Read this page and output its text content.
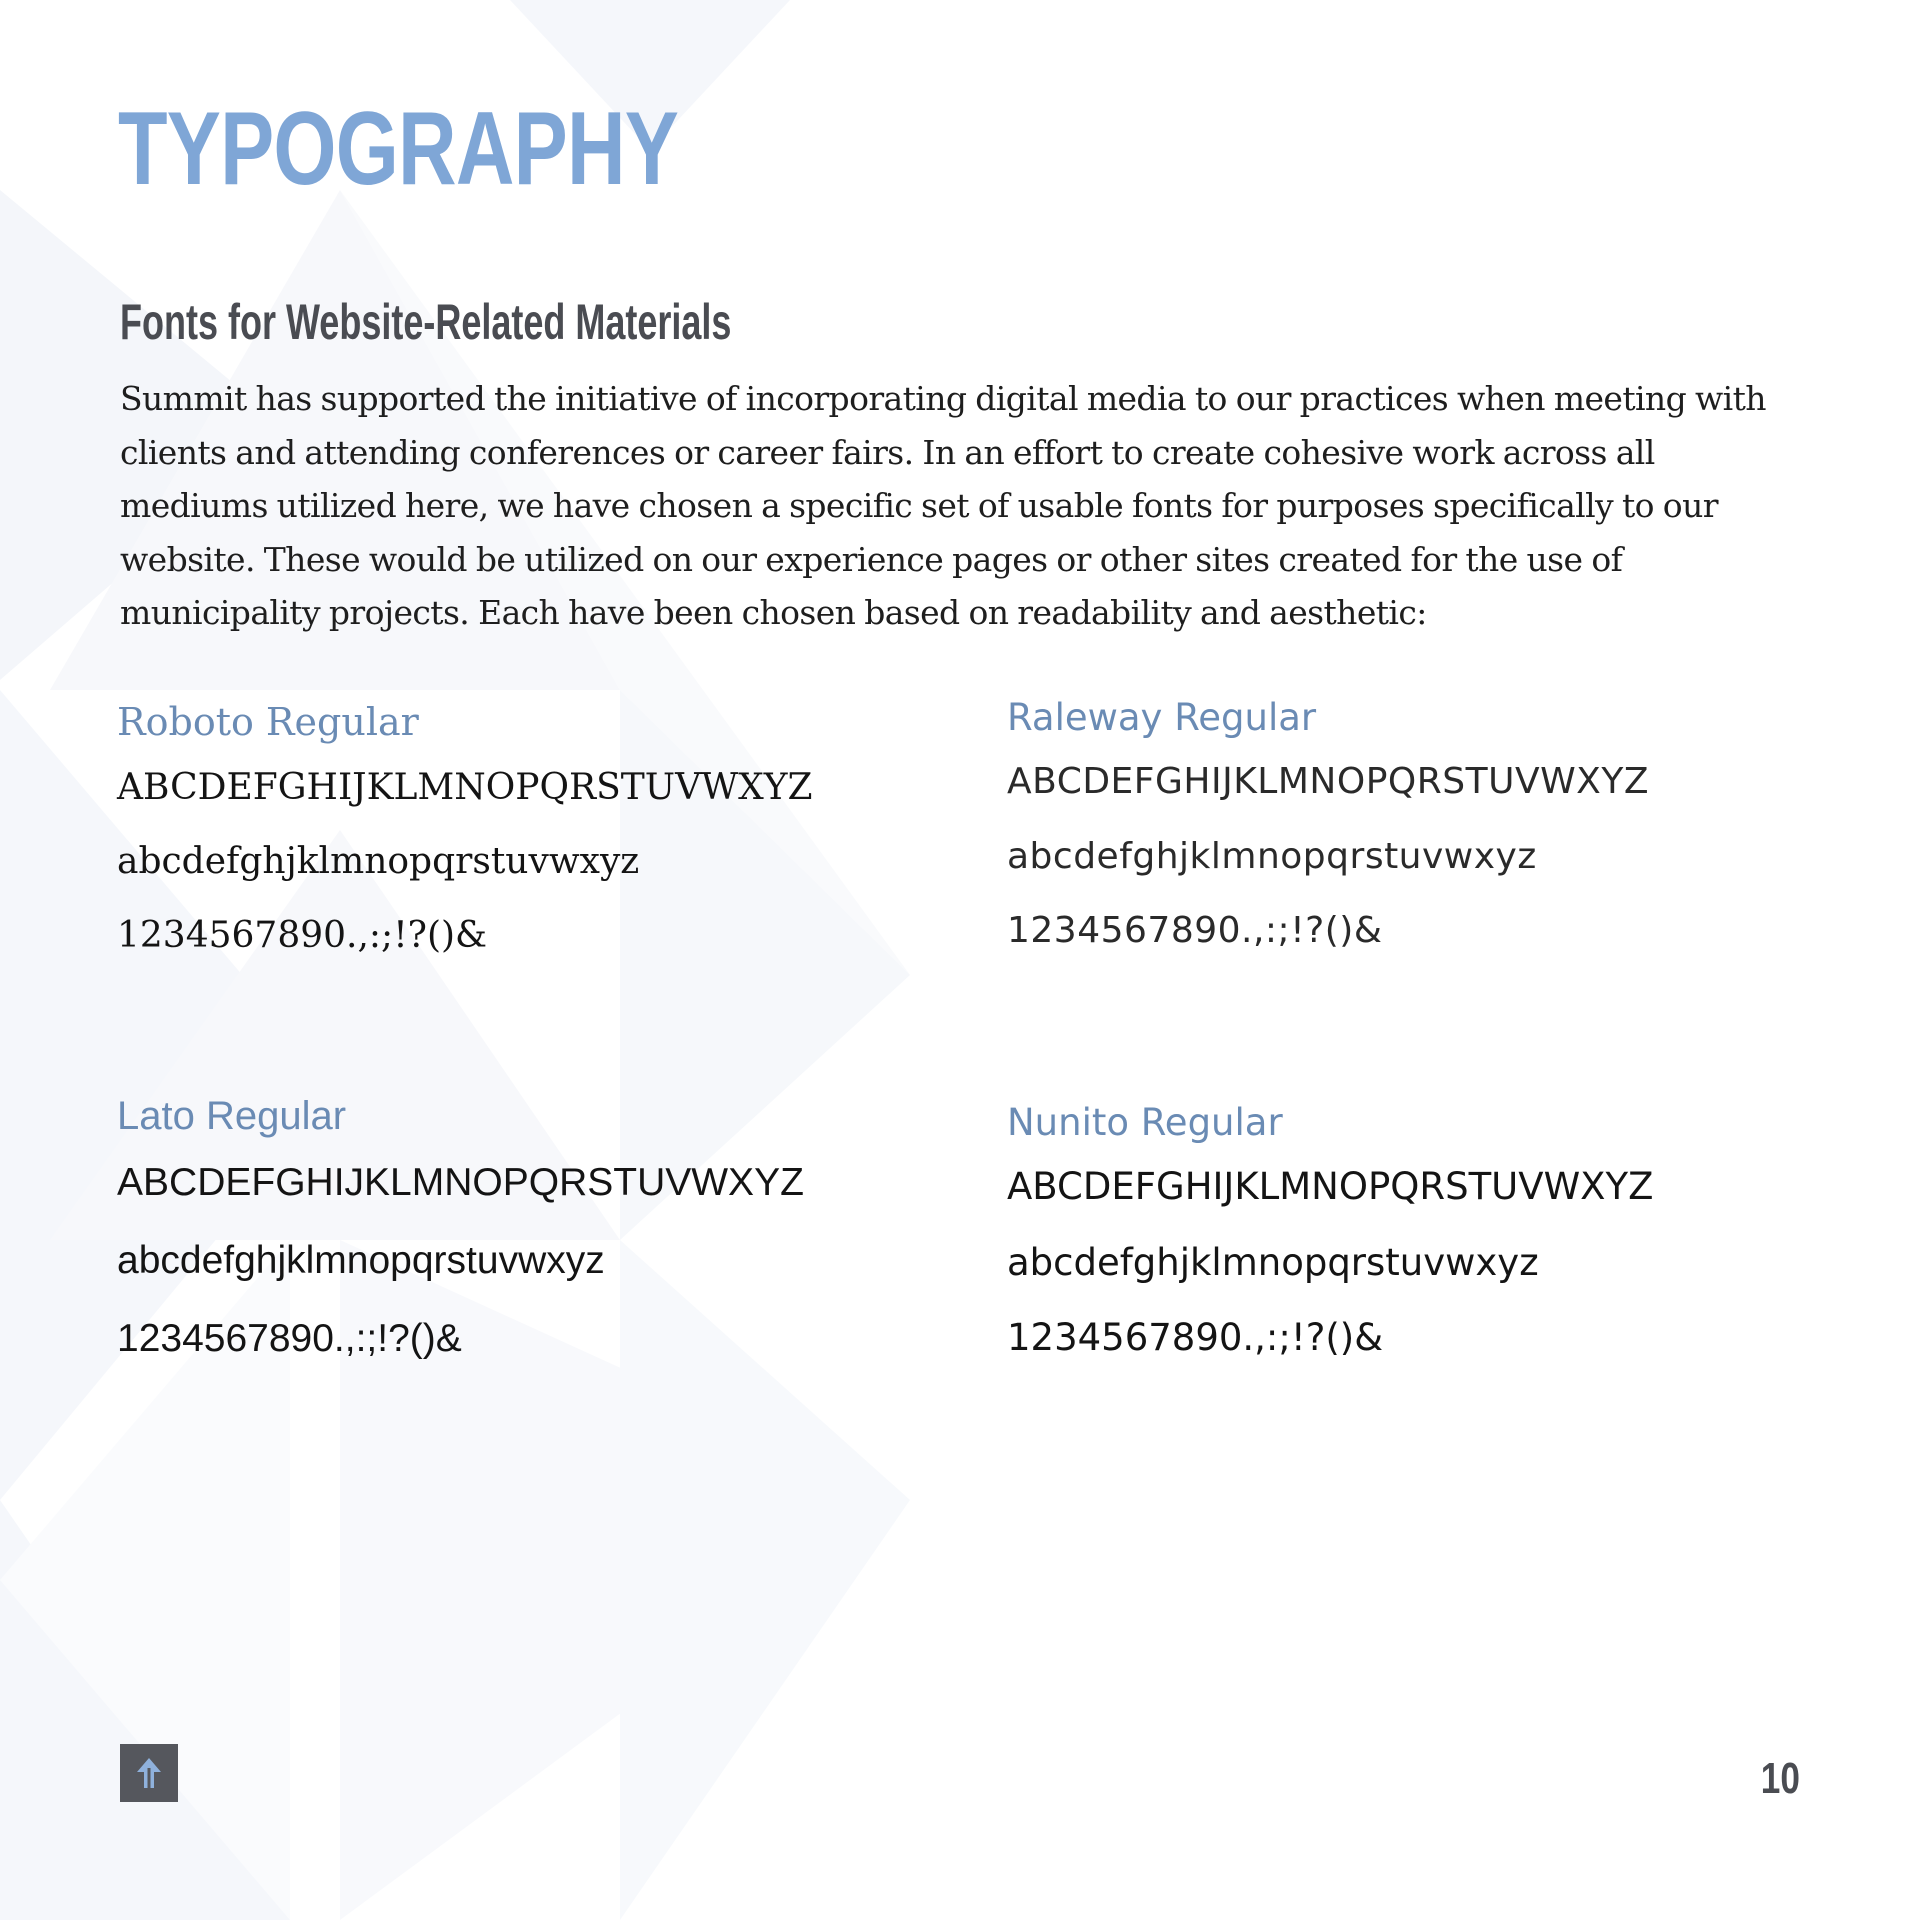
TYPOGRAPHY
Fonts for Website-Related Materials

Summit has supported the initiative of incorporating digital media to our practices when meeting with clients and attending conferences or career fairs. In an effort to create cohesive work across all mediums utilized here, we have chosen a specific set of usable fonts for purposes specifically to our website. These would be utilized on our experience pages or other sites created for the use of municipality projects. Each have been chosen based on readability and aesthetic:

Roboto Regular

ABCDEFGHIJKLMNOPQRSTUVWXYZ

abcdefghjklmnopqrstuvwxyz

1234567890.,:;!?()&

Raleway Regular

ABCDEFGHIJKLMNOPQRSTUVWXYZ

abcdefghjklmnopqrstuvwxyz

1234567890.,:;!?()&

Lato Regular

ABCDEFGHIJKLMNOPQRSTUVWXYZ

abcdefghjklmnopqrstuvwxyz

1234567890.,:;!?()&

Nunito Regular

ABCDEFGHIJKLMNOPQRSTUVWXYZ

abcdefghjklmnopqrstuvwxyz

1234567890.,:;!?()&

10
